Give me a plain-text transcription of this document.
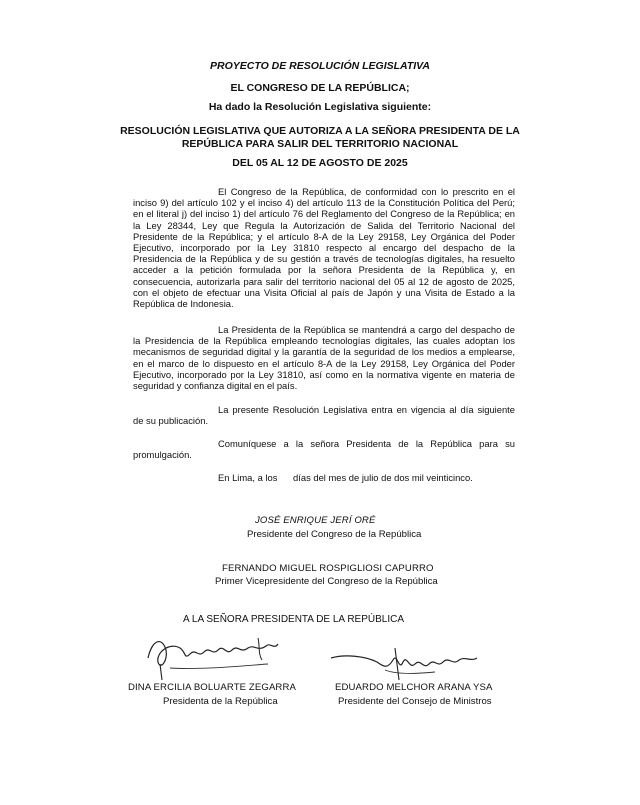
PROYECTO DE RESOLUCIÓN LEGISLATIVA
EL CONGRESO DE LA REPÚBLICA;
Ha dado la Resolución Legislativa siguiente:
RESOLUCIÓN LEGISLATIVA QUE AUTORIZA A LA SEÑORA PRESIDENTA DE LA REPÚBLICA PARA SALIR DEL TERRITORIO NACIONAL
DEL 05 AL 12 DE AGOSTO DE 2025
El Congreso de la República, de conformidad con lo prescrito en el inciso 9) del artículo 102 y el inciso 4) del artículo 113 de la Constitución Política del Perú; en el literal j) del inciso 1) del artículo 76 del Reglamento del Congreso de la República; en la Ley 28344, Ley que Regula la Autorización de Salida del Territorio Nacional del Presidente de la República; y el artículo 8-A de la Ley 29158, Ley Orgánica del Poder Ejecutivo, incorporado por la Ley 31810 respecto al encargo del despacho de la Presidencia de la República y de su gestión a través de tecnologías digitales, ha resuelto acceder a la petición formulada por la señora Presidenta de la República y, en consecuencia, autorizarla para salir del territorio nacional del 05 al 12 de agosto de 2025, con el objeto de efectuar una Visita Oficial al país de Japón y una Visita de Estado a la República de Indonesia.
La Presidenta de la República se mantendrá a cargo del despacho de la Presidencia de la República empleando tecnologías digitales, las cuales adoptan los mecanismos de seguridad digital y la garantía de la seguridad de los medios a emplearse, en el marco de lo dispuesto en el artículo 8-A de la Ley 29158, Ley Orgánica del Poder Ejecutivo, incorporado por la Ley 31810, así como en la normativa vigente en materia de seguridad y confianza digital en el país.
La presente Resolución Legislativa entra en vigencia al día siguiente de su publicación.
Comuníquese a la señora Presidenta de la República para su promulgación.
En Lima, a los      días del mes de julio de dos mil veinticinco.
JOSÉ ENRIQUE JERÍ ORÉ
Presidente del Congreso de la República
FERNANDO MIGUEL ROSPIGLIOSI CAPURRO
Primer Vicepresidente del Congreso de la República
A LA SEÑORA PRESIDENTA DE LA REPÚBLICA
DINA ERCILIA BOLUARTE ZEGARRA
Presidenta de la República
EDUARDO MELCHOR ARANA YSA
Presidente del Consejo de Ministros
